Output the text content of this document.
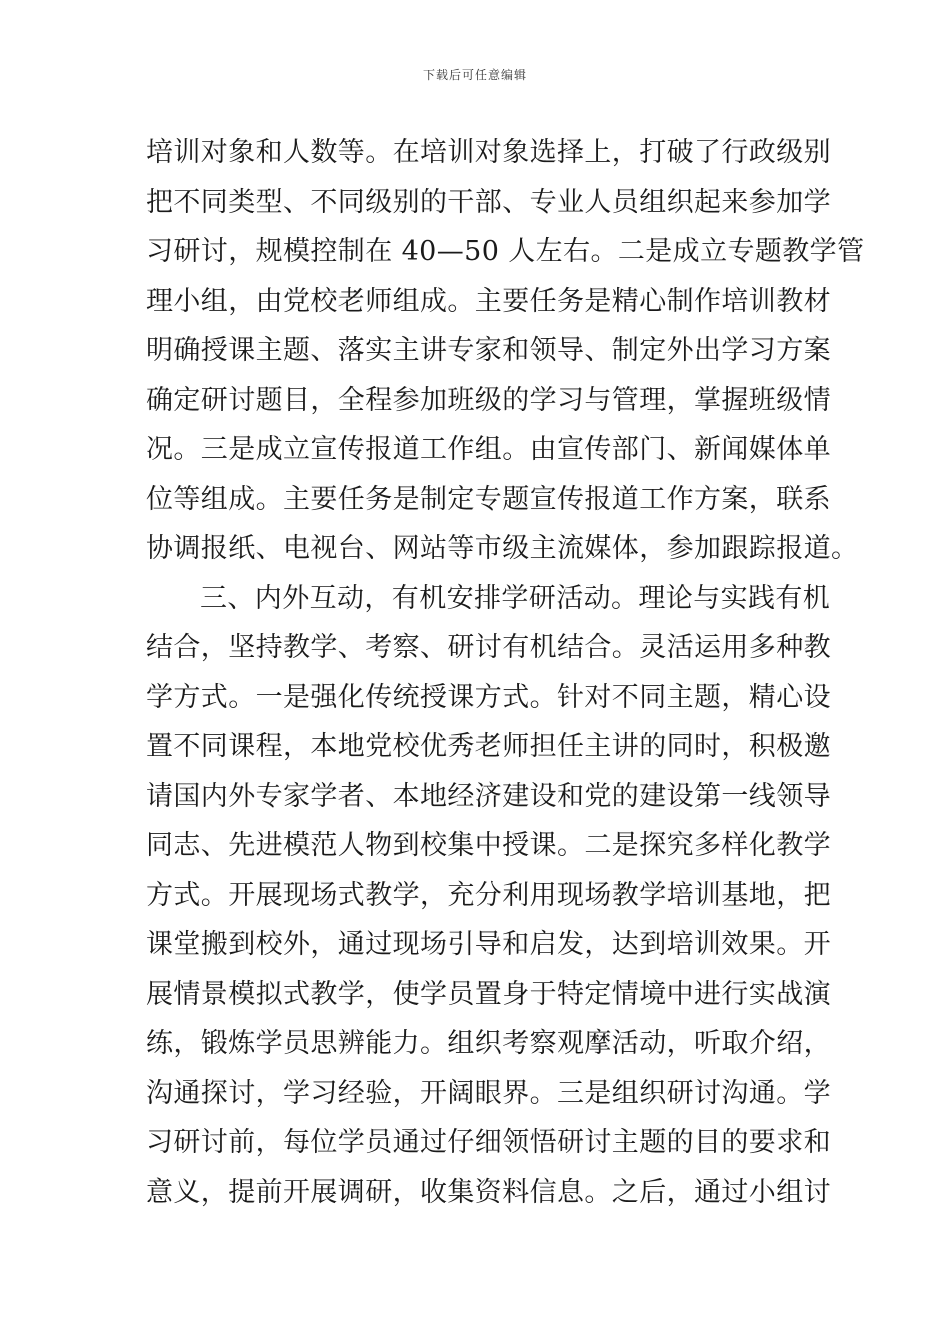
下载后可任意编辑
培训对象和人数等。在培训对象选择上，打破了行政级别
把不同类型、不同级别的干部、专业人员组织起来参加学
习研讨，规模控制在 40—50 人左右。二是成立专题教学管
理小组，由党校老师组成。主要任务是精心制作培训教材
明确授课主题、落实主讲专家和领导、制定外出学习方案
确定研讨题目，全程参加班级的学习与管理，掌握班级情
况。三是成立宣传报道工作组。由宣传部门、新闻媒体单
位等组成。主要任务是制定专题宣传报道工作方案，联系
协调报纸、电视台、网站等市级主流媒体，参加跟踪报道。
三、内外互动，有机安排学研活动。理论与实践有机
结合，坚持教学、考察、研讨有机结合。灵活运用多种教
学方式。一是强化传统授课方式。针对不同主题，精心设
置不同课程，本地党校优秀老师担任主讲的同时，积极邀
请国内外专家学者、本地经济建设和党的建设第一线领导
同志、先进模范人物到校集中授课。二是探究多样化教学
方式。开展现场式教学，充分利用现场教学培训基地，把
课堂搬到校外，通过现场引导和启发，达到培训效果。开
展情景模拟式教学，使学员置身于特定情境中进行实战演
练，锻炼学员思辨能力。组织考察观摩活动，听取介绍，
沟通探讨，学习经验，开阔眼界。三是组织研讨沟通。学
习研讨前，每位学员通过仔细领悟研讨主题的目的要求和
意义，提前开展调研，收集资料信息。之后，通过小组讨
